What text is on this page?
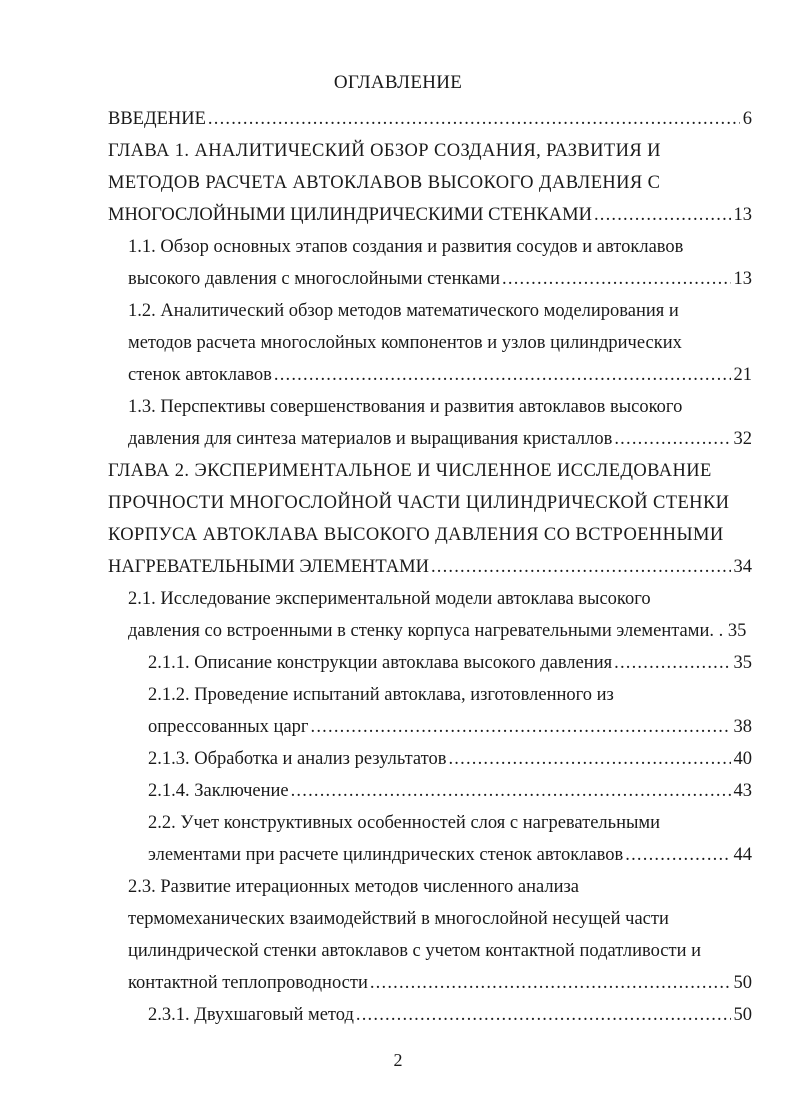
ОГЛАВЛЕНИЕ
ВВЕДЕНИЕ .....	6
ГЛАВА 1. АНАЛИТИЧЕСКИЙ ОБЗОР СОЗДАНИЯ, РАЗВИТИЯ И
МЕТОДОВ РАСЧЕТА АВТОКЛАВОВ ВЫСОКОГО ДАВЛЕНИЯ С
МНОГОСЛОЙНЫМИ ЦИЛИНДРИЧЕСКИМИ СТЕНКАМИ .....	13
1.1. Обзор основных этапов создания и развития сосудов и автоклавов
высокого давления с многослойными стенками .....	13
1.2. Аналитический обзор методов математического моделирования и
методов расчета многослойных компонентов и узлов цилиндрических
стенок автоклавов .....	21
1.3. Перспективы совершенствования и развития автоклавов высокого
давления для синтеза материалов и выращивания кристаллов .....	32
ГЛАВА 2. ЭКСПЕРИМЕНТАЛЬНОЕ И ЧИСЛЕННОЕ ИССЛЕДОВАНИЕ
ПРОЧНОСТИ МНОГОСЛОЙНОЙ ЧАСТИ ЦИЛИНДРИЧЕСКОЙ СТЕНКИ
КОРПУСА АВТОКЛАВА ВЫСОКОГО ДАВЛЕНИЯ СО ВСТРОЕННЫМИ
НАГРЕВАТЕЛЬНЫМИ ЭЛЕМЕНТАМИ .....	34
2.1. Исследование экспериментальной модели автоклава высокого
давления со встроенными в стенку корпуса нагревательными элементами. . 35
2.1.1. Описание конструкции автоклава высокого давления .....	35
2.1.2. Проведение испытаний автоклава, изготовленного из
опрессованных царг .....	38
2.1.3. Обработка и анализ результатов .....	40
2.1.4. Заключение .....	43
2.2. Учет конструктивных особенностей слоя с нагревательными
элементами при расчете цилиндрических стенок автоклавов .....	44
2.3. Развитие итерационных методов численного анализа
термомеханических взаимодействий в многослойной несущей части
цилиндрической стенки автоклавов с учетом контактной податливости и
контактной теплопроводности .....	50
2.3.1. Двухшаговый метод .....	50
2
